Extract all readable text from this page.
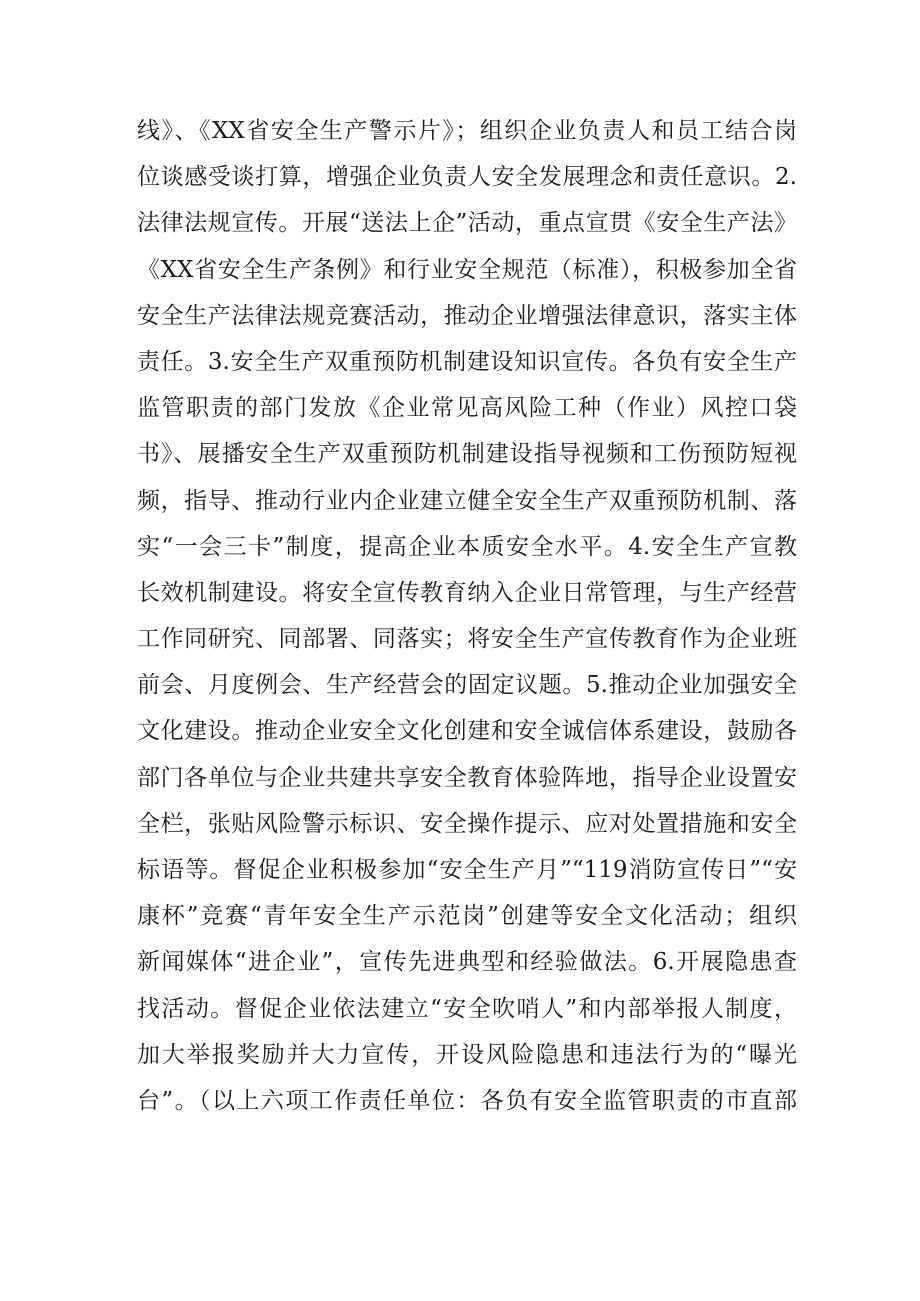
线》、《XX省安全生产警示片》；组织企业负责人和员工结合岗
位谈感受谈打算，增强企业负责人安全发展理念和责任意识。2.
法律法规宣传。开展“送法上企”活动，重点宣贯《安全生产法》
《XX省安全生产条例》和行业安全规范（标准），积极参加全省
安全生产法律法规竞赛活动，推动企业增强法律意识，落实主体
责任。3.安全生产双重预防机制建设知识宣传。各负有安全生产
监管职责的部门发放《企业常见高风险工种（作业）风控口袋
书》、展播安全生产双重预防机制建设指导视频和工伤预防短视
频，指导、推动行业内企业建立健全安全生产双重预防机制、落
实“一会三卡”制度，提高企业本质安全水平。4.安全生产宣教
长效机制建设。将安全宣传教育纳入企业日常管理，与生产经营
工作同研究、同部署、同落实；将安全生产宣传教育作为企业班
前会、月度例会、生产经营会的固定议题。5.推动企业加强安全
文化建设。推动企业安全文化创建和安全诚信体系建设，鼓励各
部门各单位与企业共建共享安全教育体验阵地，指导企业设置安
全栏，张贴风险警示标识、安全操作提示、应对处置措施和安全
标语等。督促企业积极参加“安全生产月”“119消防宣传日”“安
康杯”竞赛“青年安全生产示范岗”创建等安全文化活动；组织
新闻媒体“进企业”，宣传先进典型和经验做法。6.开展隐患查
找活动。督促企业依法建立“安全吹哨人”和内部举报人制度，
加大举报奖励并大力宣传，开设风险隐患和违法行为的“曝光
台”。（以上六项工作责任单位：各负有安全监管职责的市直部
